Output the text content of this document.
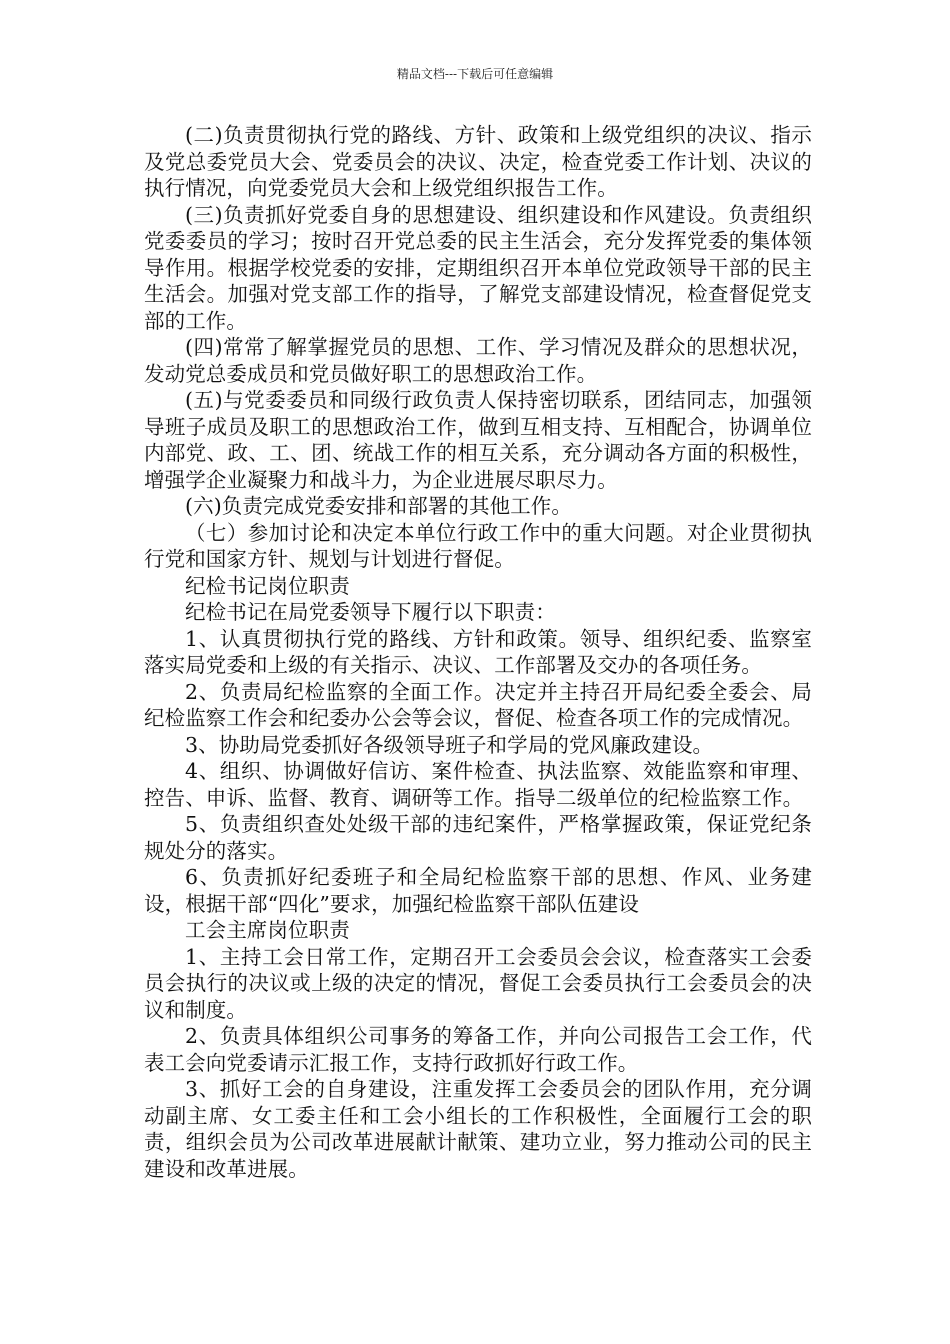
精品文档---下载后可任意编辑

(二)负责贯彻执行党的路线、方针、政策和上级党组织的决议、指示及党总委党员大会、党委员会的决议、决定，检查党委工作计划、决议的执行情况，向党委党员大会和上级党组织报告工作。

(三)负责抓好党委自身的思想建设、组织建设和作风建设。负责组织党委委员的学习；按时召开党总委的民主生活会，充分发挥党委的集体领导作用。根据学校党委的安排，定期组织召开本单位党政领导干部的民主生活会。加强对党支部工作的指导，了解党支部建设情况，检查督促党支部的工作。

(四)常常了解掌握党员的思想、工作、学习情况及群众的思想状况，发动党总委成员和党员做好职工的思想政治工作。

(五)与党委委员和同级行政负责人保持密切联系，团结同志，加强领导班子成员及职工的思想政治工作，做到互相支持、互相配合，协调单位内部党、政、工、团、统战工作的相互关系，充分调动各方面的积极性，增强学企业凝聚力和战斗力，为企业进展尽职尽力。

(六)负责完成党委安排和部署的其他工作。

（七）参加讨论和决定本单位行政工作中的重大问题。对企业贯彻执行党和国家方针、规划与计划进行督促。

纪检书记岗位职责

纪检书记在局党委领导下履行以下职责：

1、认真贯彻执行党的路线、方针和政策。领导、组织纪委、监察室落实局党委和上级的有关指示、决议、工作部署及交办的各项任务。

2、负责局纪检监察的全面工作。决定并主持召开局纪委全委会、局纪检监察工作会和纪委办公会等会议，督促、检查各项工作的完成情况。

3、协助局党委抓好各级领导班子和学局的党风廉政建设。

4、组织、协调做好信访、案件检查、执法监察、效能监察和审理、控告、申诉、监督、教育、调研等工作。指导二级单位的纪检监察工作。

5、负责组织查处处级干部的违纪案件，严格掌握政策，保证党纪条规处分的落实。

6、负责抓好纪委班子和全局纪检监察干部的思想、作风、业务建设，根据干部“四化”要求，加强纪检监察干部队伍建设

工会主席岗位职责

1、主持工会日常工作，定期召开工会委员会会议，检查落实工会委员会执行的决议或上级的决定的情况，督促工会委员执行工会委员会的决议和制度。

2、负责具体组织公司事务的筹备工作，并向公司报告工会工作，代表工会向党委请示汇报工作，支持行政抓好行政工作。

3、抓好工会的自身建设，注重发挥工会委员会的团队作用，充分调动副主席、女工委主任和工会小组长的工作积极性，全面履行工会的职责，组织会员为公司改革进展献计献策、建功立业，努力推动公司的民主建设和改革进展。
